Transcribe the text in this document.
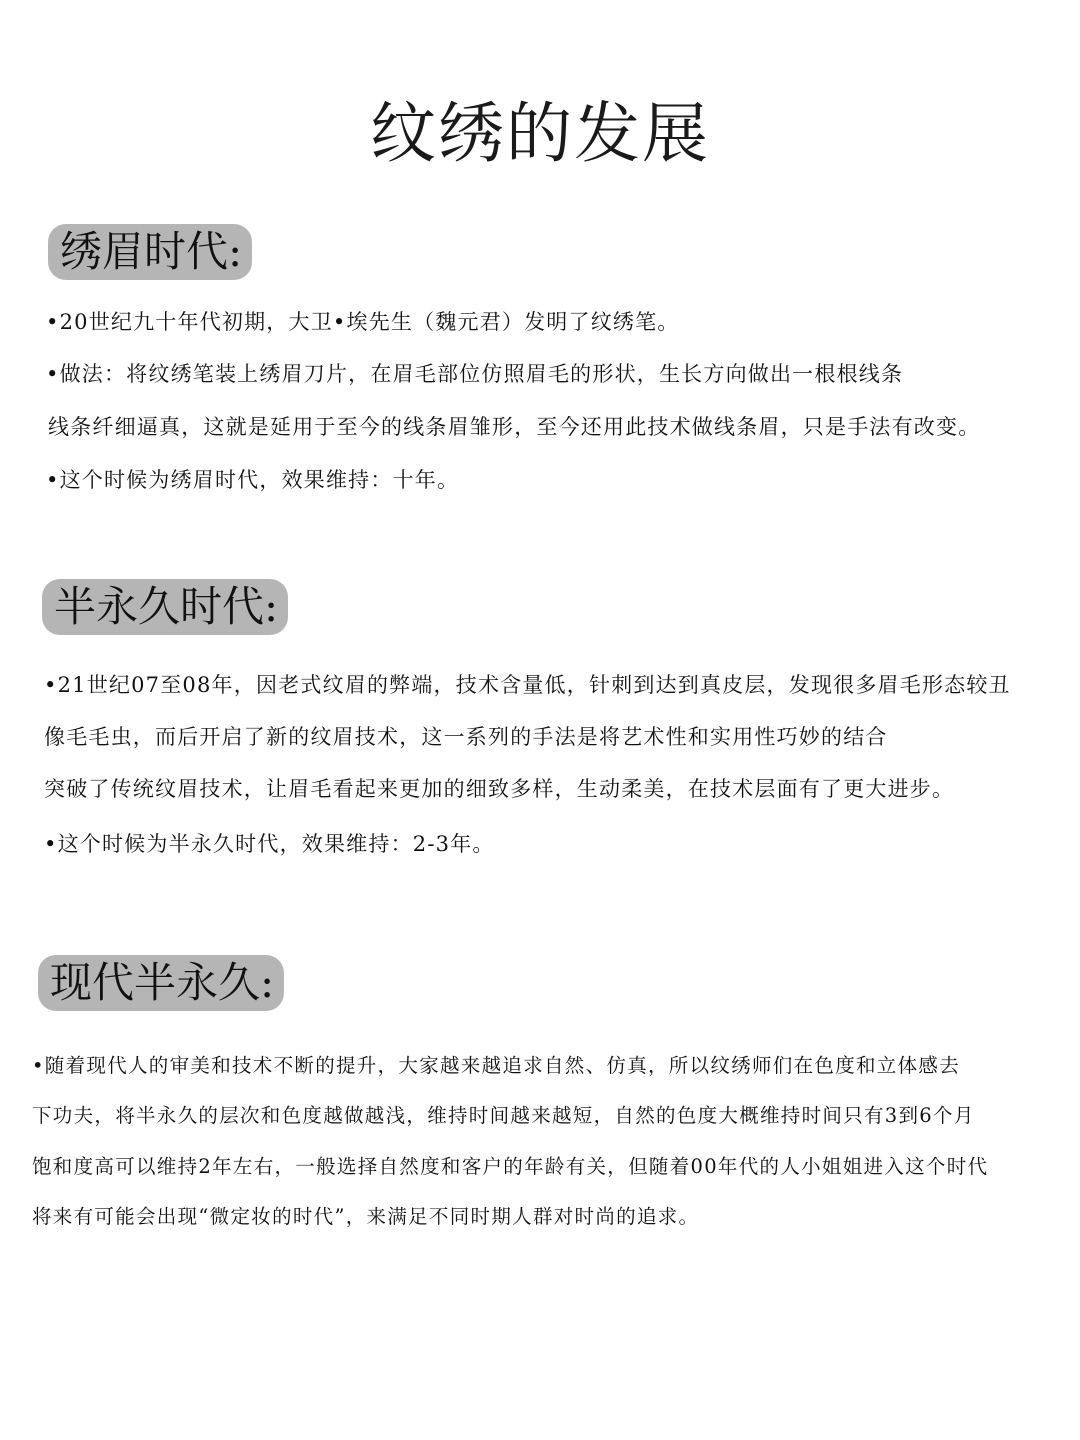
纹绣的发展
绣眉时代:
•20世纪九十年代初期，大卫•埃先生（魏元君）发明了纹绣笔。
•做法：将纹绣笔装上绣眉刀片，在眉毛部位仿照眉毛的形状，生长方向做出一根根线条
线条纤细逼真，这就是延用于至今的线条眉雏形，至今还用此技术做线条眉，只是手法有改变。
•这个时候为绣眉时代，效果维持：十年。
半永久时代:
•21世纪07至08年，因老式纹眉的弊端，技术含量低，针刺到达到真皮层，发现很多眉毛形态较丑
像毛毛虫，而后开启了新的纹眉技术，这一系列的手法是将艺术性和实用性巧妙的结合
突破了传统纹眉技术，让眉毛看起来更加的细致多样，生动柔美，在技术层面有了更大进步。
•这个时候为半永久时代，效果维持：2-3年。
现代半永久:
•随着现代人的审美和技术不断的提升，大家越来越追求自然、仿真，所以纹绣师们在色度和立体感去
下功夫，将半永久的层次和色度越做越浅，维持时间越来越短，自然的色度大概维持时间只有3到6个月
饱和度高可以维持2年左右，一般选择自然度和客户的年龄有关，但随着00年代的人小姐姐进入这个时代
将来有可能会出现“微定妆的时代”，来满足不同时期人群对时尚的追求。
